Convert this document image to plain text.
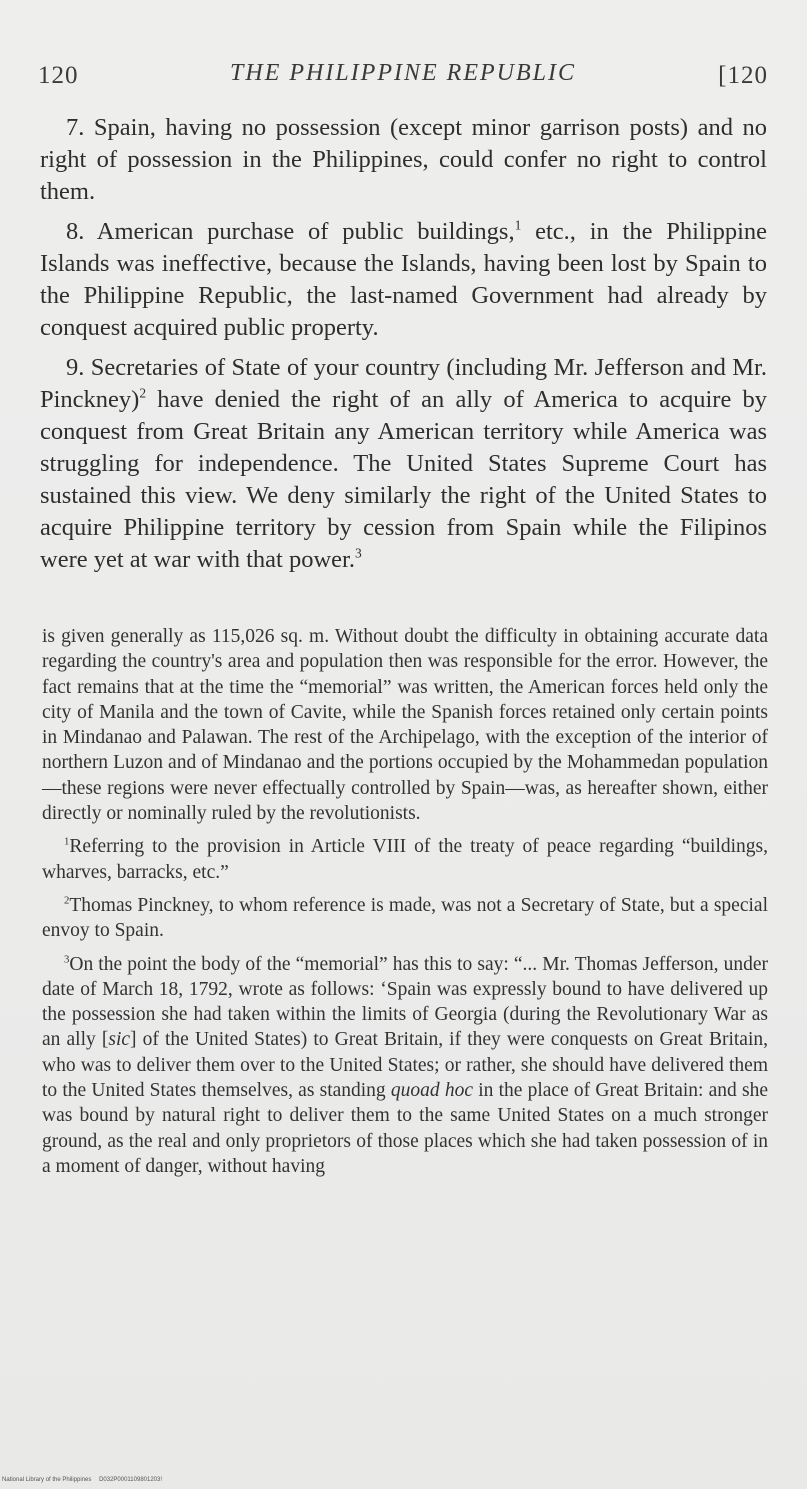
120	THE PHILIPPINE REPUBLIC	[120

7. Spain, having no possession (except minor garrison posts) and no right of possession in the Philippines, could confer no right to control them.

8. American purchase of public buildings,$^1$ etc., in the Philippine Islands was ineffective, because the Islands, having been lost by Spain to the Philippine Republic, the last-named Government had already by conquest acquired public property.

9. Secretaries of State of your country (including Mr. Jefferson and Mr. Pinckney)$^2$ have denied the right of an ally of America to acquire by conquest from Great Britain any American territory while America was struggling for independence. The United States Supreme Court has sustained this view. We deny similarly the right of the United States to acquire Philippine territory by cession from Spain while the Filipinos were yet at war with that power.$^3$

is given generally as 115,026 sq. m. Without doubt the difficulty in obtaining accurate data regarding the country's area and population then was responsible for the error. However, the fact remains that at the time the “memorial” was written, the American forces held only the city of Manila and the town of Cavite, while the Spanish forces retained only certain points in Mindanao and Palawan. The rest of the Archipelago, with the exception of the interior of northern Luzon and of Mindanao and the portions occupied by the Mohammedan population—these regions were never effectually controlled by Spain—was, as hereafter shown, either directly or nominally ruled by the revolutionists.

$^1$Referring to the provision in Article VIII of the treaty of peace regarding “buildings, wharves, barracks, etc.”

$^2$Thomas Pinckney, to whom reference is made, was not a Secretary of State, but a special envoy to Spain.

$^3$On the point the body of the “memorial” has this to say: “... Mr. Thomas Jefferson, under date of March 18, 1792, wrote as follows: ‘Spain was expressly bound to have delivered up the possession she had taken within the limits of Georgia (during the Revolutionary War as an ally [sic] of the United States) to Great Britain, if they were conquests on Great Britain, who was to deliver them over to the United States; or rather, she should have delivered them to the United States themselves, as standing quoad hoc in the place of Great Britain: and she was bound by natural right to deliver them to the same United States on a much stronger ground, as the real and only proprietors of those places which she had taken possession of in a moment of danger, without having

National Library of the Philippines D032P0001109801203!
